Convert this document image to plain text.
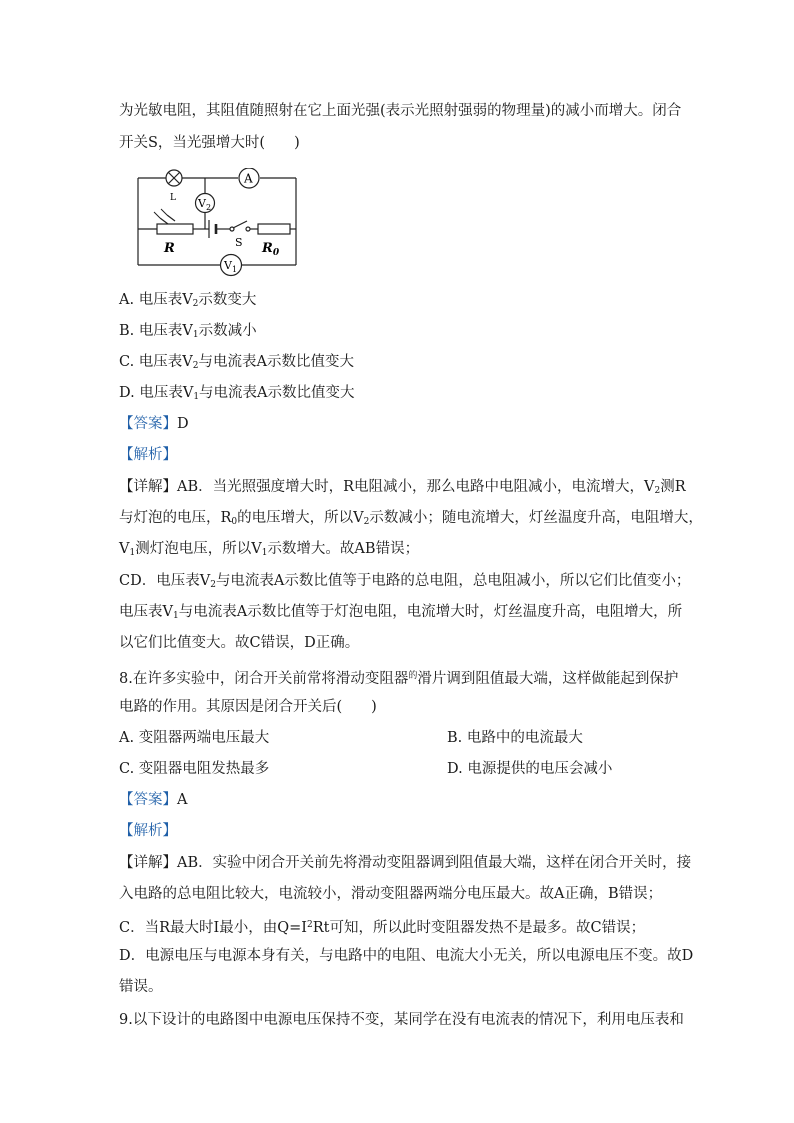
为光敏电阻，其阻值随照射在它上面光强(表示光照射强弱的物理量)的减小而增大。闭合
开关S，当光强增大时(　　)
L
A
$V_2$
R	S $R_0$
$V_1$
A. 电压表$V_2$示数变大
B. 电压表$V_1$示数减小
C. 电压表$V_2$与电流表A示数比值变大
D. 电压表$V_1$与电流表A示数比值变大
【答案】D
【解析】
【详解】AB．当光照强度增大时，R电阻减小，那么电路中电阻减小，电流增大，$V_2$测R
与灯泡的电压，$R_0$的电压增大，所以$V_2$示数减小；随电流增大，灯丝温度升高，电阻增大，
$V_1$测灯泡电压，所以$V_1$示数增大。故AB错误；
CD．电压表$V_2$与电流表A示数比值等于电路的总电阻，总电阻减小，所以它们比值变小；
电压表$V_1$与电流表A示数比值等于灯泡电阻，电流增大时，灯丝温度升高，电阻增大，所
以它们比值变大。故C错误，D正确。
8.在许多实验中，闭合开关前常将滑动变阻器$^的$滑片调到阻值最大端，这样做能起到保护
电路的作用。其原因是闭合开关后(　　)
A. 变阻器两端电压最大	B. 电路中的电流最大
C. 变阻器电阻发热最多	D. 电源提供的电压会减小
【答案】A
【解析】
【详解】AB．实验中闭合开关前先将滑动变阻器调到阻值最大端，这样在闭合开关时，接
入电路的总电阻比较大，电流较小，滑动变阻器两端分电压最大。故A正确，B错误；
C．当R最大时I最小，由$Q=I^2Rt$可知，所以此时变阻器发热不是最多。故C错误；
D．电源电压与电源本身有关，与电路中的电阻、电流大小无关，所以电源电压不变。故D
错误。
9.以下设计的电路图中电源电压保持不变，某同学在没有电流表的情况下，利用电压表和
